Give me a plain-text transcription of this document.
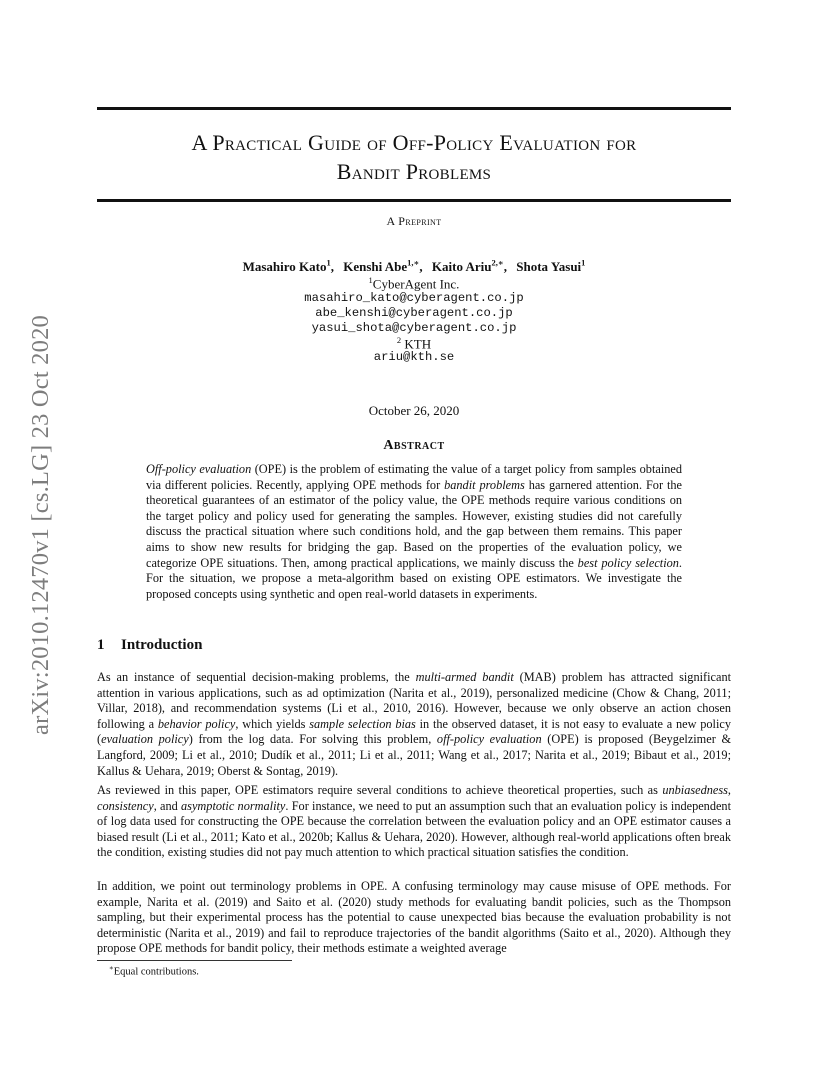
arXiv:2010.12470v1 [cs.LG] 23 Oct 2020
A Practical Guide of Off-Policy Evaluation for
Bandit Problems
A Preprint
Masahiro Kato$^1$, Kenshi Abe$^{1,∗}$, Kaito Ariu$^{2,∗}$, Shota Yasui$^1$
$^1$CyberAgent Inc.
masahiro_kato@cyberagent.co.jp
abe_kenshi@cyberagent.co.jp
yasui_shota@cyberagent.co.jp
$^2$ KTH
ariu@kth.se
October 26, 2020
Abstract

Off-policy evaluation (OPE) is the problem of estimating the value of a target policy from samples obtained via different policies. Recently, applying OPE methods for bandit problems has garnered attention. For the theoretical guarantees of an estimator of the policy value, the OPE methods require various conditions on the target policy and policy used for generating the samples. However, existing studies did not carefully discuss the practical situation where such conditions hold, and the gap between them remains. This paper aims to show new results for bridging the gap. Based on the properties of the evaluation policy, we categorize OPE situations. Then, among practical applications, we mainly discuss the best policy selection. For the situation, we propose a meta-algorithm based on existing OPE estimators. We investigate the proposed concepts using synthetic and open real-world datasets in experiments.

1 Introduction

As an instance of sequential decision-making problems, the multi-armed bandit (MAB) problem has attracted significant attention in various applications, such as ad optimization (Narita et al., 2019), personalized medicine (Chow & Chang, 2011; Villar, 2018), and recommendation systems (Li et al., 2010, 2016). However, because we only observe an action chosen following a behavior policy, which yields sample selection bias in the observed dataset, it is not easy to evaluate a new policy (evaluation policy) from the log data. For solving this problem, off-policy evaluation (OPE) is proposed (Beygelzimer & Langford, 2009; Li et al., 2010; Dudík et al., 2011; Li et al., 2011; Wang et al., 2017; Narita et al., 2019; Bibaut et al., 2019; Kallus & Uehara, 2019; Oberst & Sontag, 2019).

As reviewed in this paper, OPE estimators require several conditions to achieve theoretical properties, such as unbiasedness, consistency, and asymptotic normality. For instance, we need to put an assumption such that an evaluation policy is independent of log data used for constructing the OPE because the correlation between the evaluation policy and an OPE estimator causes a biased result (Li et al., 2011; Kato et al., 2020b; Kallus & Uehara, 2020). However, although real-world applications often break the condition, existing studies did not pay much attention to which practical situation satisfies the condition.

In addition, we point out terminology problems in OPE. A confusing terminology may cause misuse of OPE methods. For example, Narita et al. (2019) and Saito et al. (2020) study methods for evaluating bandit policies, such as the Thompson sampling, but their experimental process has the potential to cause unexpected bias because the evaluation probability is not deterministic (Narita et al., 2019) and fail to reproduce trajectories of the bandit algorithms (Saito et al., 2020). Although they propose OPE methods for bandit policy, their methods estimate a weighted average

∗Equal contributions.
